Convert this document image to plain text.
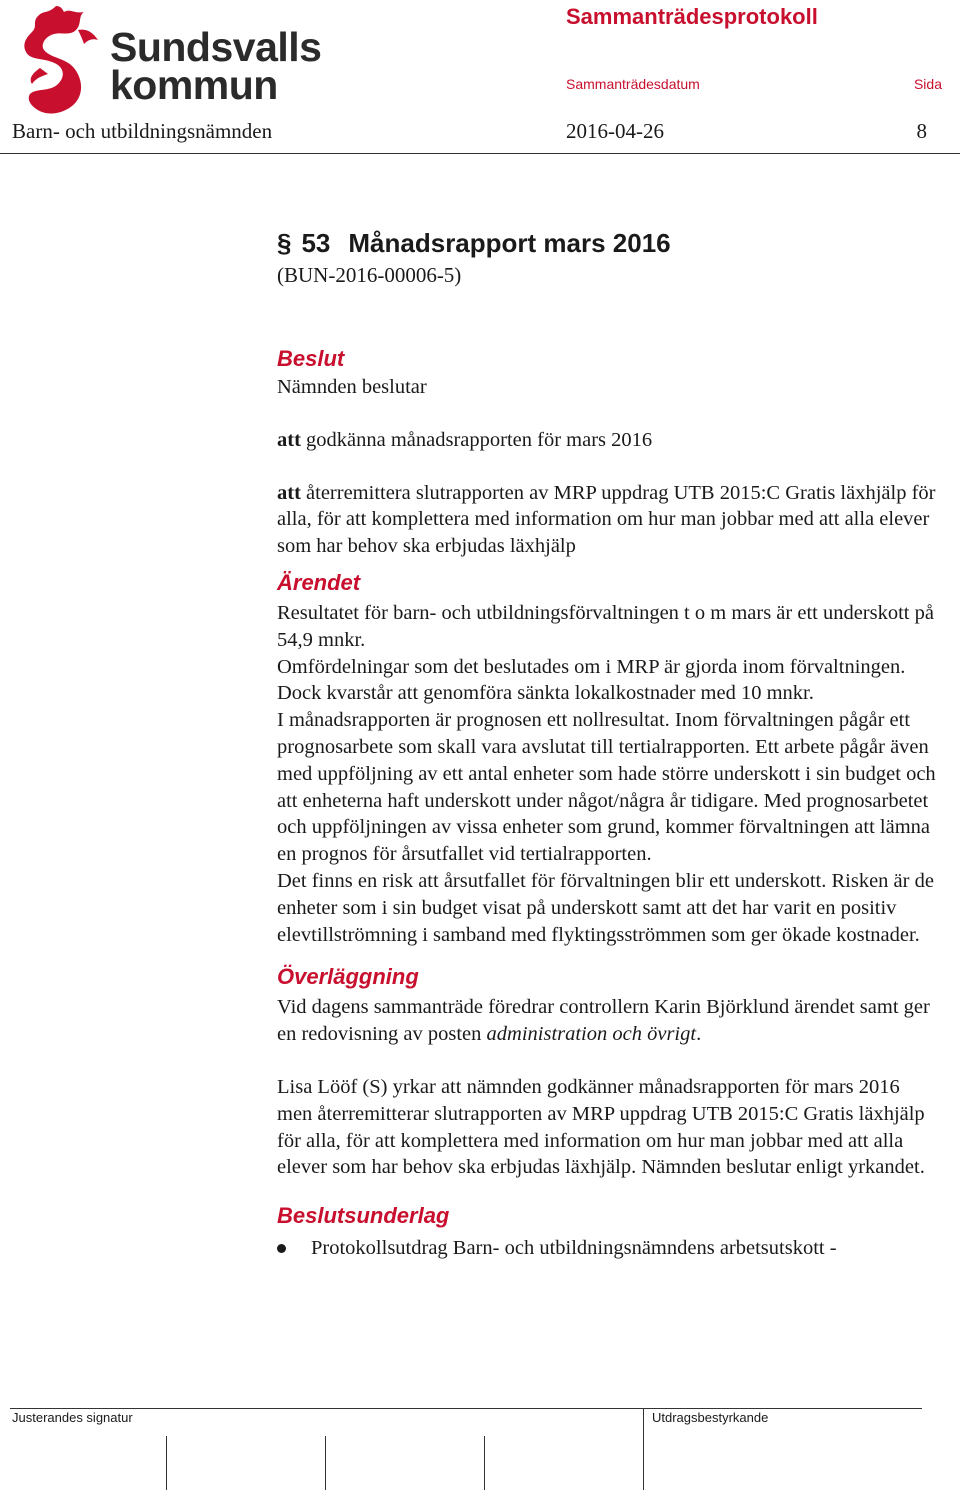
Sundsvalls
kommun
Sammanträdesprotokoll
Sammanträdesdatum	Sida
Barn- och utbildningsnämnden	2016-04-26	8
§ 53 Månadsrapport mars 2016
(BUN-2016-00006-5)
Beslut

Nämnden beslutar

att godkänna månadsrapporten för mars 2016

att återremittera slutrapporten av MRP uppdrag UTB 2015:C Gratis läxhjälp för alla, för att komplettera med information om hur man jobbar med att alla elever som har behov ska erbjudas läxhjälp

Ärendet

Resultatet för barn- och utbildningsförvaltningen t o m mars är ett underskott på 54,9 mnkr.

Omfördelningar som det beslutades om i MRP är gjorda inom förvaltningen. Dock kvarstår att genomföra sänkta lokalkostnader med 10 mnkr.

I månadsrapporten är prognosen ett nollresultat. Inom förvaltningen pågår ett prognosarbete som skall vara avslutat till tertialrapporten. Ett arbete pågår även med uppföljning av ett antal enheter som hade större underskott i sin budget och att enheterna haft underskott under något/några år tidigare. Med prognosarbetet och uppföljningen av vissa enheter som grund, kommer förvaltningen att lämna en prognos för årsutfallet vid tertialrapporten.

Det finns en risk att årsutfallet för förvaltningen blir ett underskott. Risken är de enheter som i sin budget visat på underskott samt att det har varit en positiv elevtillströmning i samband med flyktingsströmmen som ger ökade kostnader.

Överläggning

Vid dagens sammanträde föredrar controllern Karin Björklund ärendet samt ger en redovisning av posten administration och övrigt.

Lisa Lööf (S) yrkar att nämnden godkänner månadsrapporten för mars 2016 men återremitterar slutrapporten av MRP uppdrag UTB 2015:C Gratis läxhjälp för alla, för att komplettera med information om hur man jobbar med att alla elever som har behov ska erbjudas läxhjälp. Nämnden beslutar enligt yrkandet.

Beslutsunderlag
Protokollsutdrag Barn- och utbildningsnämndens arbetsutskott -
Justerandes signatur	Utdragsbestyrkande
